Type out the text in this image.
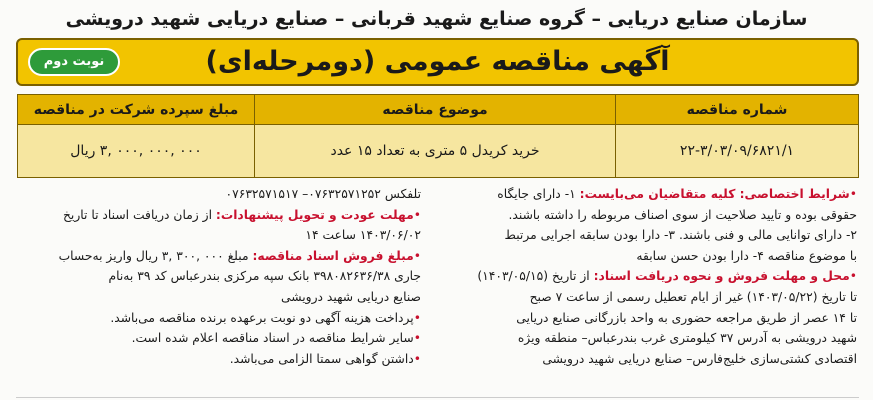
سازمان صنایع دریایی – گروه صنایع شهید قربانی – صنایع دریایی شهید درویشی
آگهی مناقصه عمومی (دومرحله‌ای)
نوبت دوم
شماره مناقصه	موضوع مناقصه	مبلغ سپرده شرکت در مناقصه
۲۲-۳/۰۳/۰۹/۶۸۲۱/۱	خرید کریدل ۵ متری به تعداد ۱۵ عدد	۰۰۰ ,۰۰۰ ,۰۰۰ ,۳ ریال
•شرایط اختصاصی: کلیه متقاضیان می‌بایست: ۱- دارای جایگاه
حقوقی بوده و تایید صلاحیت از سوی اصناف مربوطه را داشته باشند.
۲- دارای توانایی مالی و فنی باشند. ۳- دارا بودن سابقه اجرایی مرتبط
با موضوع مناقصه ۴- دارا بودن حسن سابقه
•محل و مهلت فروش و نحوه دریافت اسناد: از تاریخ (۱۴۰۳/۰۵/۱۵)
تا تاریخ (۱۴۰۳/۰۵/۲۲) غیر از ایام تعطیل رسمی از ساعت ۷ صبح
تا ۱۴ عصر از طریق مراجعه حضوری به واحد بازرگانی صنایع دریایی
شهید درویشی به آدرس ۳۷ کیلومتری غرب بندرعباس– منطقه ویژه
اقتصادی کشتی‌سازی خلیج‌فارس– صنایع دریایی شهید درویشی
تلفکس ۰۷۶۳۲۵۷۱۲۵۲– ۰۷۶۳۲۵۷۱۵۱۷
•مهلت عودت و تحویل پیشنهادات: از زمان دریافت اسناد تا تاریخ
۱۴۰۳/۰۶/۰۲ ساعت ۱۴
•مبلغ فروش اسناد مناقصه: مبلغ ۰۰۰ ,۳۰۰ ,۳ ریال واریز به‌حساب
جاری ۳۹۸۰۸۲۶۳۶/۳۸ بانک سپه مرکزی بندرعباس کد ۳۹ به‌نام
صنایع دریایی شهید درویشی
•پرداخت هزینه آگهی دو نوبت برعهده برنده مناقصه می‌باشد.
•سایر شرایط مناقصه در اسناد مناقصه اعلام شده است.
•داشتن گواهی سمتا الزامی می‌باشد.
